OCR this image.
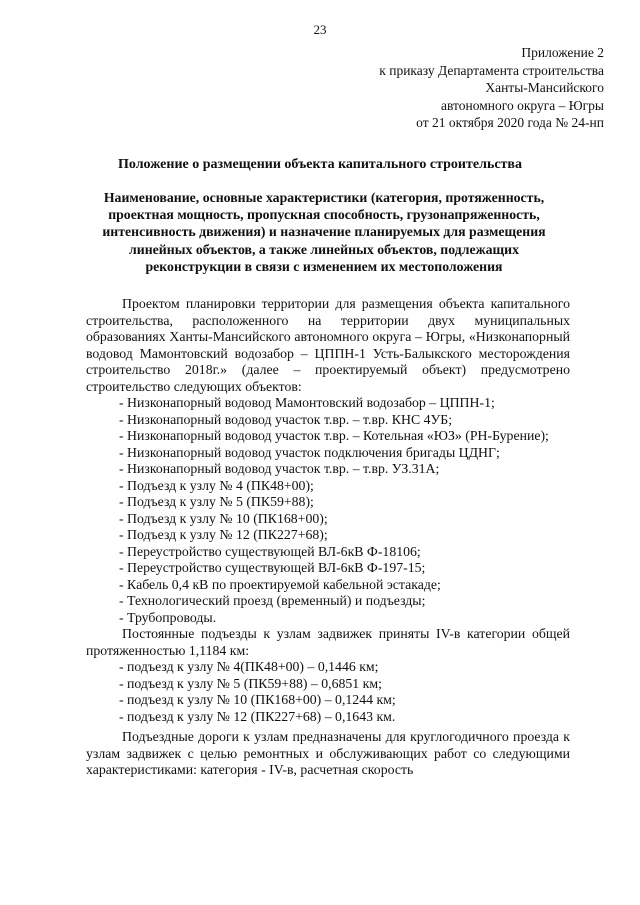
23
Приложение 2
к приказу Департамента строительства
Ханты-Мансийского
автономного округа – Югры
от 21 октября 2020 года № 24-нп
Положение о размещении объекта капитального строительства
Наименование, основные характеристики (категория, протяженность, проектная мощность, пропускная способность, грузонапряженность, интенсивность движения) и назначение планируемых для размещения линейных объектов, а также линейных объектов, подлежащих реконструкции в связи с изменением их местоположения

Проектом планировки территории для размещения объекта капитального строительства, расположенного на территории двух муниципальных образованиях Ханты-Мансийского автономного округа – Югры, «Низконапорный водовод Мамонтовский водозабор – ЦППН-1 Усть-Балыкского месторождения строительство 2018г.» (далее – проектируемый объект) предусмотрено строительство следующих объектов:

- Низконапорный водовод Мамонтовский водозабор – ЦППН-1;

- Низконапорный водовод участок т.вр. – т.вр. КНС 4УБ;

- Низконапорный водовод участок т.вр. – Котельная «ЮЗ» (РН-Бурение);

- Низконапорный водовод участок подключения бригады ЦДНГ;

- Низконапорный водовод участок т.вр. – т.вр. УЗ.31А;

- Подъезд к узлу № 4 (ПК48+00);

- Подъезд к узлу № 5 (ПК59+88);

- Подъезд к узлу № 10 (ПК168+00);

- Подъезд к узлу № 12 (ПК227+68);

- Переустройство существующей ВЛ-6кВ Ф-18106;

- Переустройство существующей ВЛ-6кВ Ф-197-15;

- Кабель 0,4 кВ по проектируемой кабельной эстакаде;

- Технологический проезд (временный) и подъезды;

- Трубопроводы.

Постоянные подъезды к узлам задвижек приняты IV-в категории общей протяженностью 1,1184 км:

- подъезд к узлу № 4(ПК48+00) – 0,1446 км;

- подъезд к узлу № 5 (ПК59+88) – 0,6851 км;

- подъезд к узлу № 10 (ПК168+00) – 0,1244 км;

- подъезд к узлу № 12 (ПК227+68) – 0,1643 км.

Подъездные дороги к узлам предназначены для круглогодичного проезда к узлам задвижек с целью ремонтных и обслуживающих работ со следующими характеристиками: категория - IV-в, расчетная скорость
